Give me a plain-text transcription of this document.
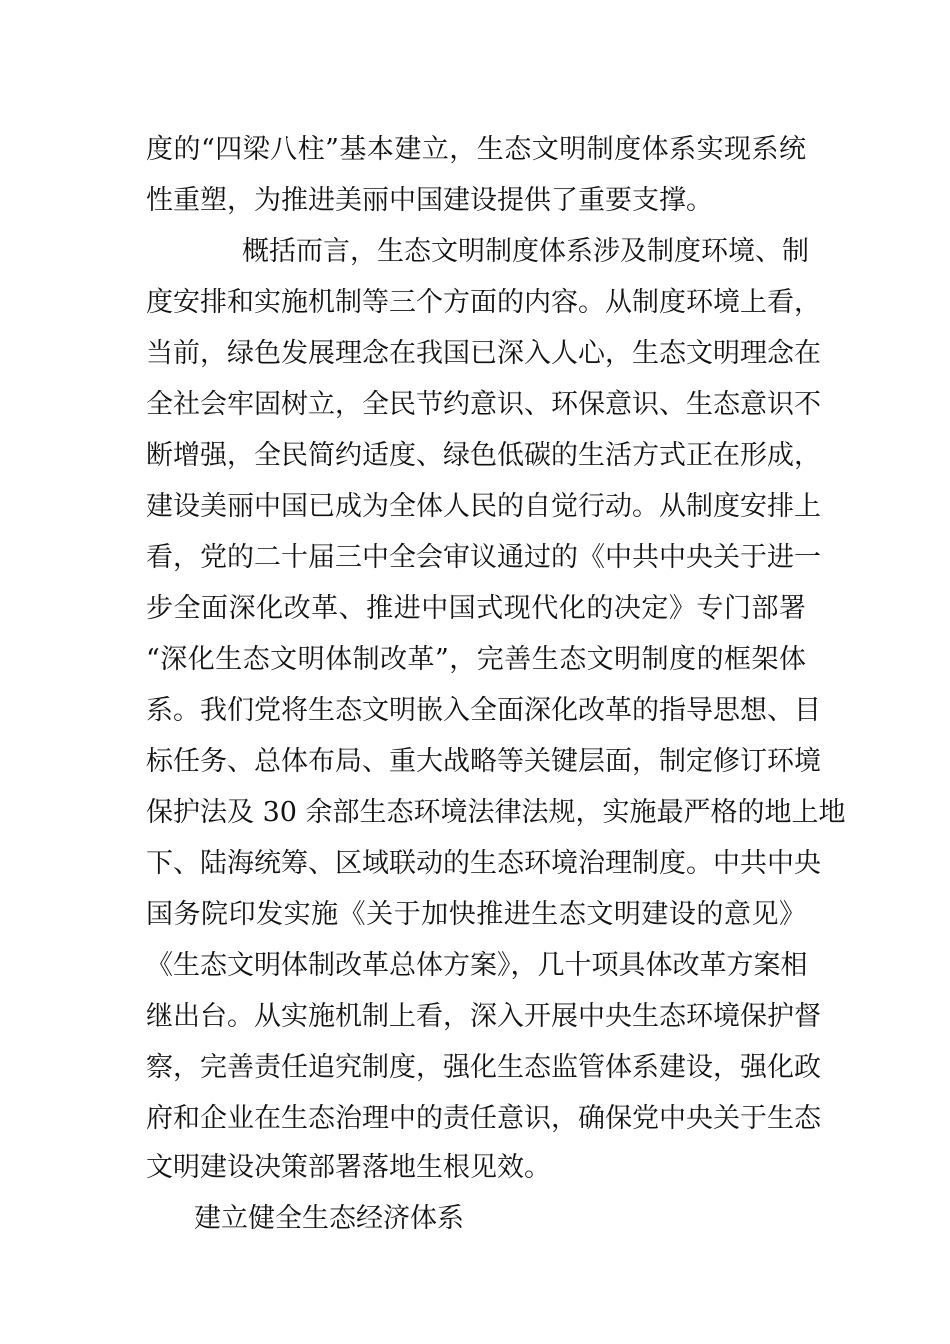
度的“四梁八柱”基本建立，生态文明制度体系实现系统

性重塑，为推进美丽中国建设提供了重要支撑。

概括而言，生态文明制度体系涉及制度环境、制

度安排和实施机制等三个方面的内容。从制度环境上看，

当前，绿色发展理念在我国已深入人心，生态文明理念在

全社会牢固树立，全民节约意识、环保意识、生态意识不

断增强，全民简约适度、绿色低碳的生活方式正在形成，

建设美丽中国已成为全体人民的自觉行动。从制度安排上

看，党的二十届三中全会审议通过的《中共中央关于进一

步全面深化改革、推进中国式现代化的决定》专门部署

“深化生态文明体制改革”，完善生态文明制度的框架体

系。我们党将生态文明嵌入全面深化改革的指导思想、目

标任务、总体布局、重大战略等关键层面，制定修订环境

保护法及 30 余部生态环境法律法规，实施最严格的地上地

下、陆海统筹、区域联动的生态环境治理制度。中共中央

国务院印发实施《关于加快推进生态文明建设的意见》

《生态文明体制改革总体方案》，几十项具体改革方案相

继出台。从实施机制上看，深入开展中央生态环境保护督

察，完善责任追究制度，强化生态监管体系建设，强化政

府和企业在生态治理中的责任意识，确保党中央关于生态

文明建设决策部署落地生根见效。

建立健全生态经济体系
